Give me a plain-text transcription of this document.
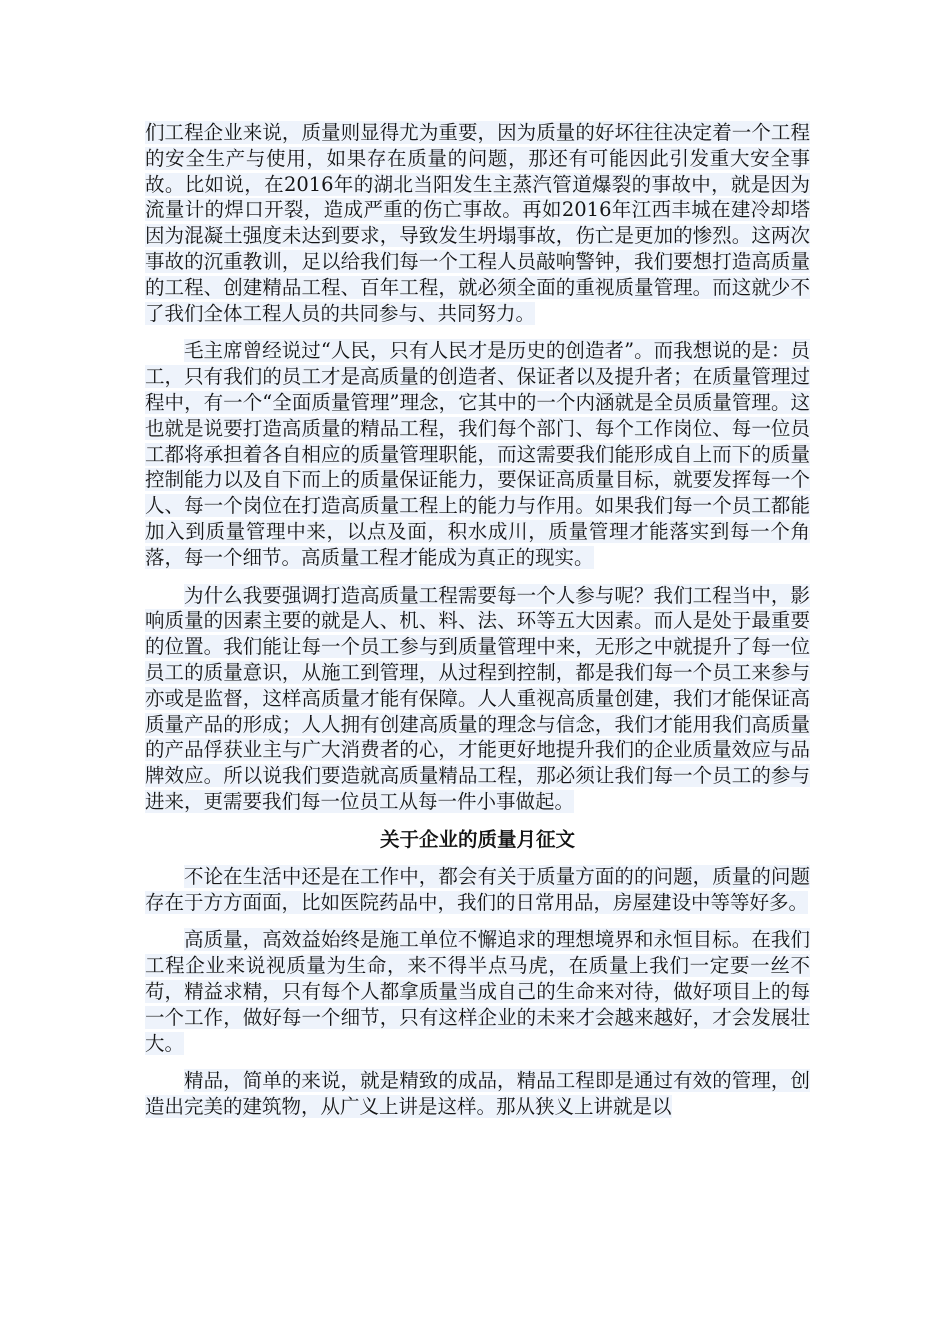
们工程企业来说，质量则显得尤为重要，因为质量的好坏往往决定着一个工程的安全生产与使用，如果存在质量的问题，那还有可能因此引发重大安全事故。比如说，在2016年的湖北当阳发生主蒸汽管道爆裂的事故中，就是因为流量计的焊口开裂，造成严重的伤亡事故。再如2016年江西丰城在建冷却塔因为混凝土强度未达到要求，导致发生坍塌事故，伤亡是更加的惨烈。这两次事故的沉重教训，足以给我们每一个工程人员敲响警钟，我们要想打造高质量的工程、创建精品工程、百年工程，就必须全面的重视质量管理。而这就少不了我们全体工程人员的共同参与、共同努力。

毛主席曾经说过“人民，只有人民才是历史的创造者”。而我想说的是：员工，只有我们的员工才是高质量的创造者、保证者以及提升者；在质量管理过程中，有一个“全面质量管理”理念，它其中的一个内涵就是全员质量管理。这也就是说要打造高质量的精品工程，我们每个部门、每个工作岗位、每一位员工都将承担着各自相应的质量管理职能，而这需要我们能形成自上而下的质量控制能力以及自下而上的质量保证能力，要保证高质量目标，就要发挥每一个人、每一个岗位在打造高质量工程上的能力与作用。如果我们每一个员工都能加入到质量管理中来，以点及面，积水成川，质量管理才能落实到每一个角落，每一个细节。高质量工程才能成为真正的现实。

为什么我要强调打造高质量工程需要每一个人参与呢？我们工程当中，影响质量的因素主要的就是人、机、料、法、环等五大因素。而人是处于最重要的位置。我们能让每一个员工参与到质量管理中来，无形之中就提升了每一位员工的质量意识，从施工到管理，从过程到控制，都是我们每一个员工来参与亦或是监督，这样高质量才能有保障。人人重视高质量创建，我们才能保证高质量产品的形成；人人拥有创建高质量的理念与信念，我们才能用我们高质量的产品俘获业主与广大消费者的心，才能更好地提升我们的企业质量效应与品牌效应。所以说我们要造就高质量精品工程，那必须让我们每一个员工的参与进来，更需要我们每一位员工从每一件小事做起。

关于企业的质量月征文

不论在生活中还是在工作中，都会有关于质量方面的的问题，质量的问题存在于方方面面，比如医院药品中，我们的日常用品，房屋建设中等等好多。

高质量，高效益始终是施工单位不懈追求的理想境界和永恒目标。在我们工程企业来说视质量为生命，来不得半点马虎，在质量上我们一定要一丝不苟，精益求精，只有每个人都拿质量当成自己的生命来对待，做好项目上的每一个工作，做好每一个细节，只有这样企业的未来才会越来越好，才会发展壮大。

精品，简单的来说，就是精致的成品，精品工程即是通过有效的管理，创造出完美的建筑物，从广义上讲是这样。那从狭义上讲就是以
